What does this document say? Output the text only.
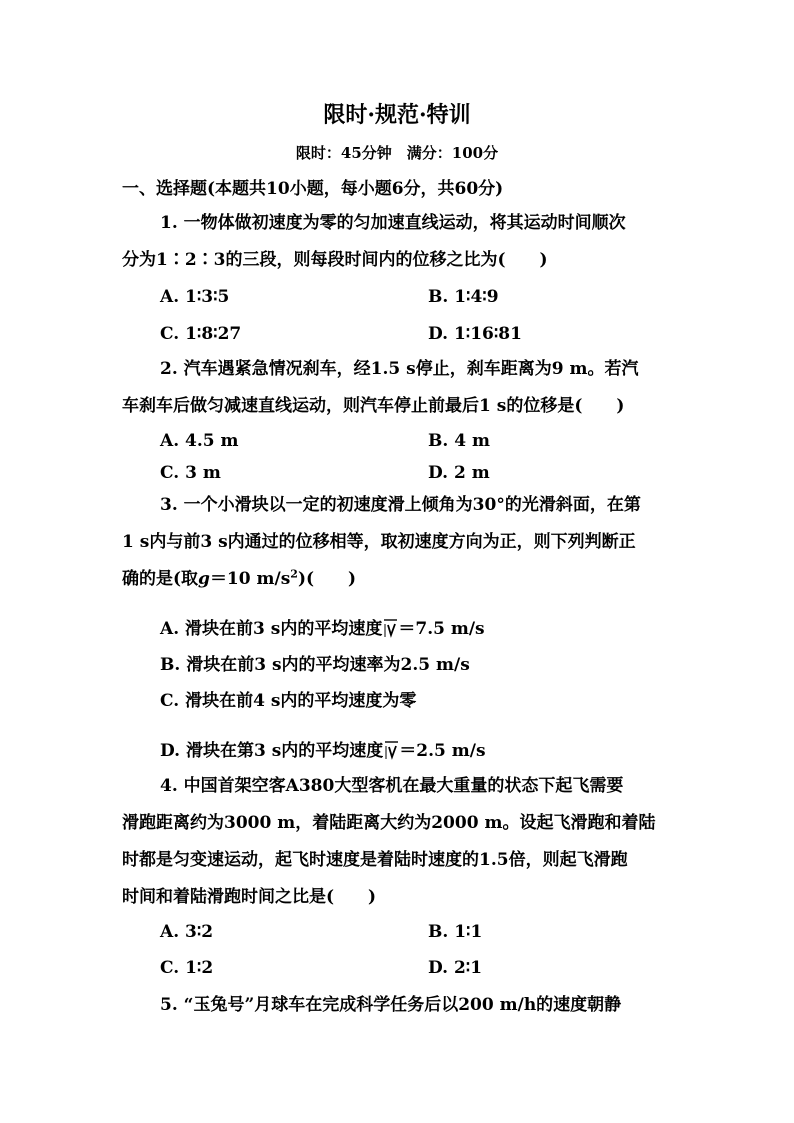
限时·规范·特训
限时：45分钟　满分：100分
一、选择题(本题共10小题，每小题6分，共60分)
1. 一物体做初速度为零的匀加速直线运动，将其运动时间顺次
分为1∶2∶3的三段，则每段时间内的位移之比为(　　)
A. 1∶3∶5	B. 1∶4∶9
C. 1∶8∶27	D. 1∶16∶81
2. 汽车遇紧急情况刹车，经1.5 s停止，刹车距离为9 m。若汽
车刹车后做匀减速直线运动，则汽车停止前最后1 s的位移是(　　)
A. 4.5 m	B. 4 m
C. 3 m	D. 2 m
3. 一个小滑块以一定的初速度滑上倾角为30°的光滑斜面，在第
1 s内与前3 s内通过的位移相等，取初速度方向为正，则下列判断正
确的是(取g＝10 $m/s^2$)(　　)
A. 滑块在前3 s内的平均速度 ＝7.5 m/s
B. 滑块在前3 s内的平均速率为2.5 m/s
C. 滑块在前4 s内的平均速度为零
D. 滑块在第3 s内的平均速度 ＝2.5 m/s
4. 中国首架空客A380大型客机在最大重量的状态下起飞需要
滑跑距离约为3000 m，着陆距离大约为2000 m。设起飞滑跑和着陆
时都是匀变速运动，起飞时速度是着陆时速度的1.5倍，则起飞滑跑
时间和着陆滑跑时间之比是(　　)
A. 3∶2	B. 1∶1
C. 1∶2	D. 2∶1
5. “玉兔号”月球车在完成科学任务后以200 m/h的速度朝静
